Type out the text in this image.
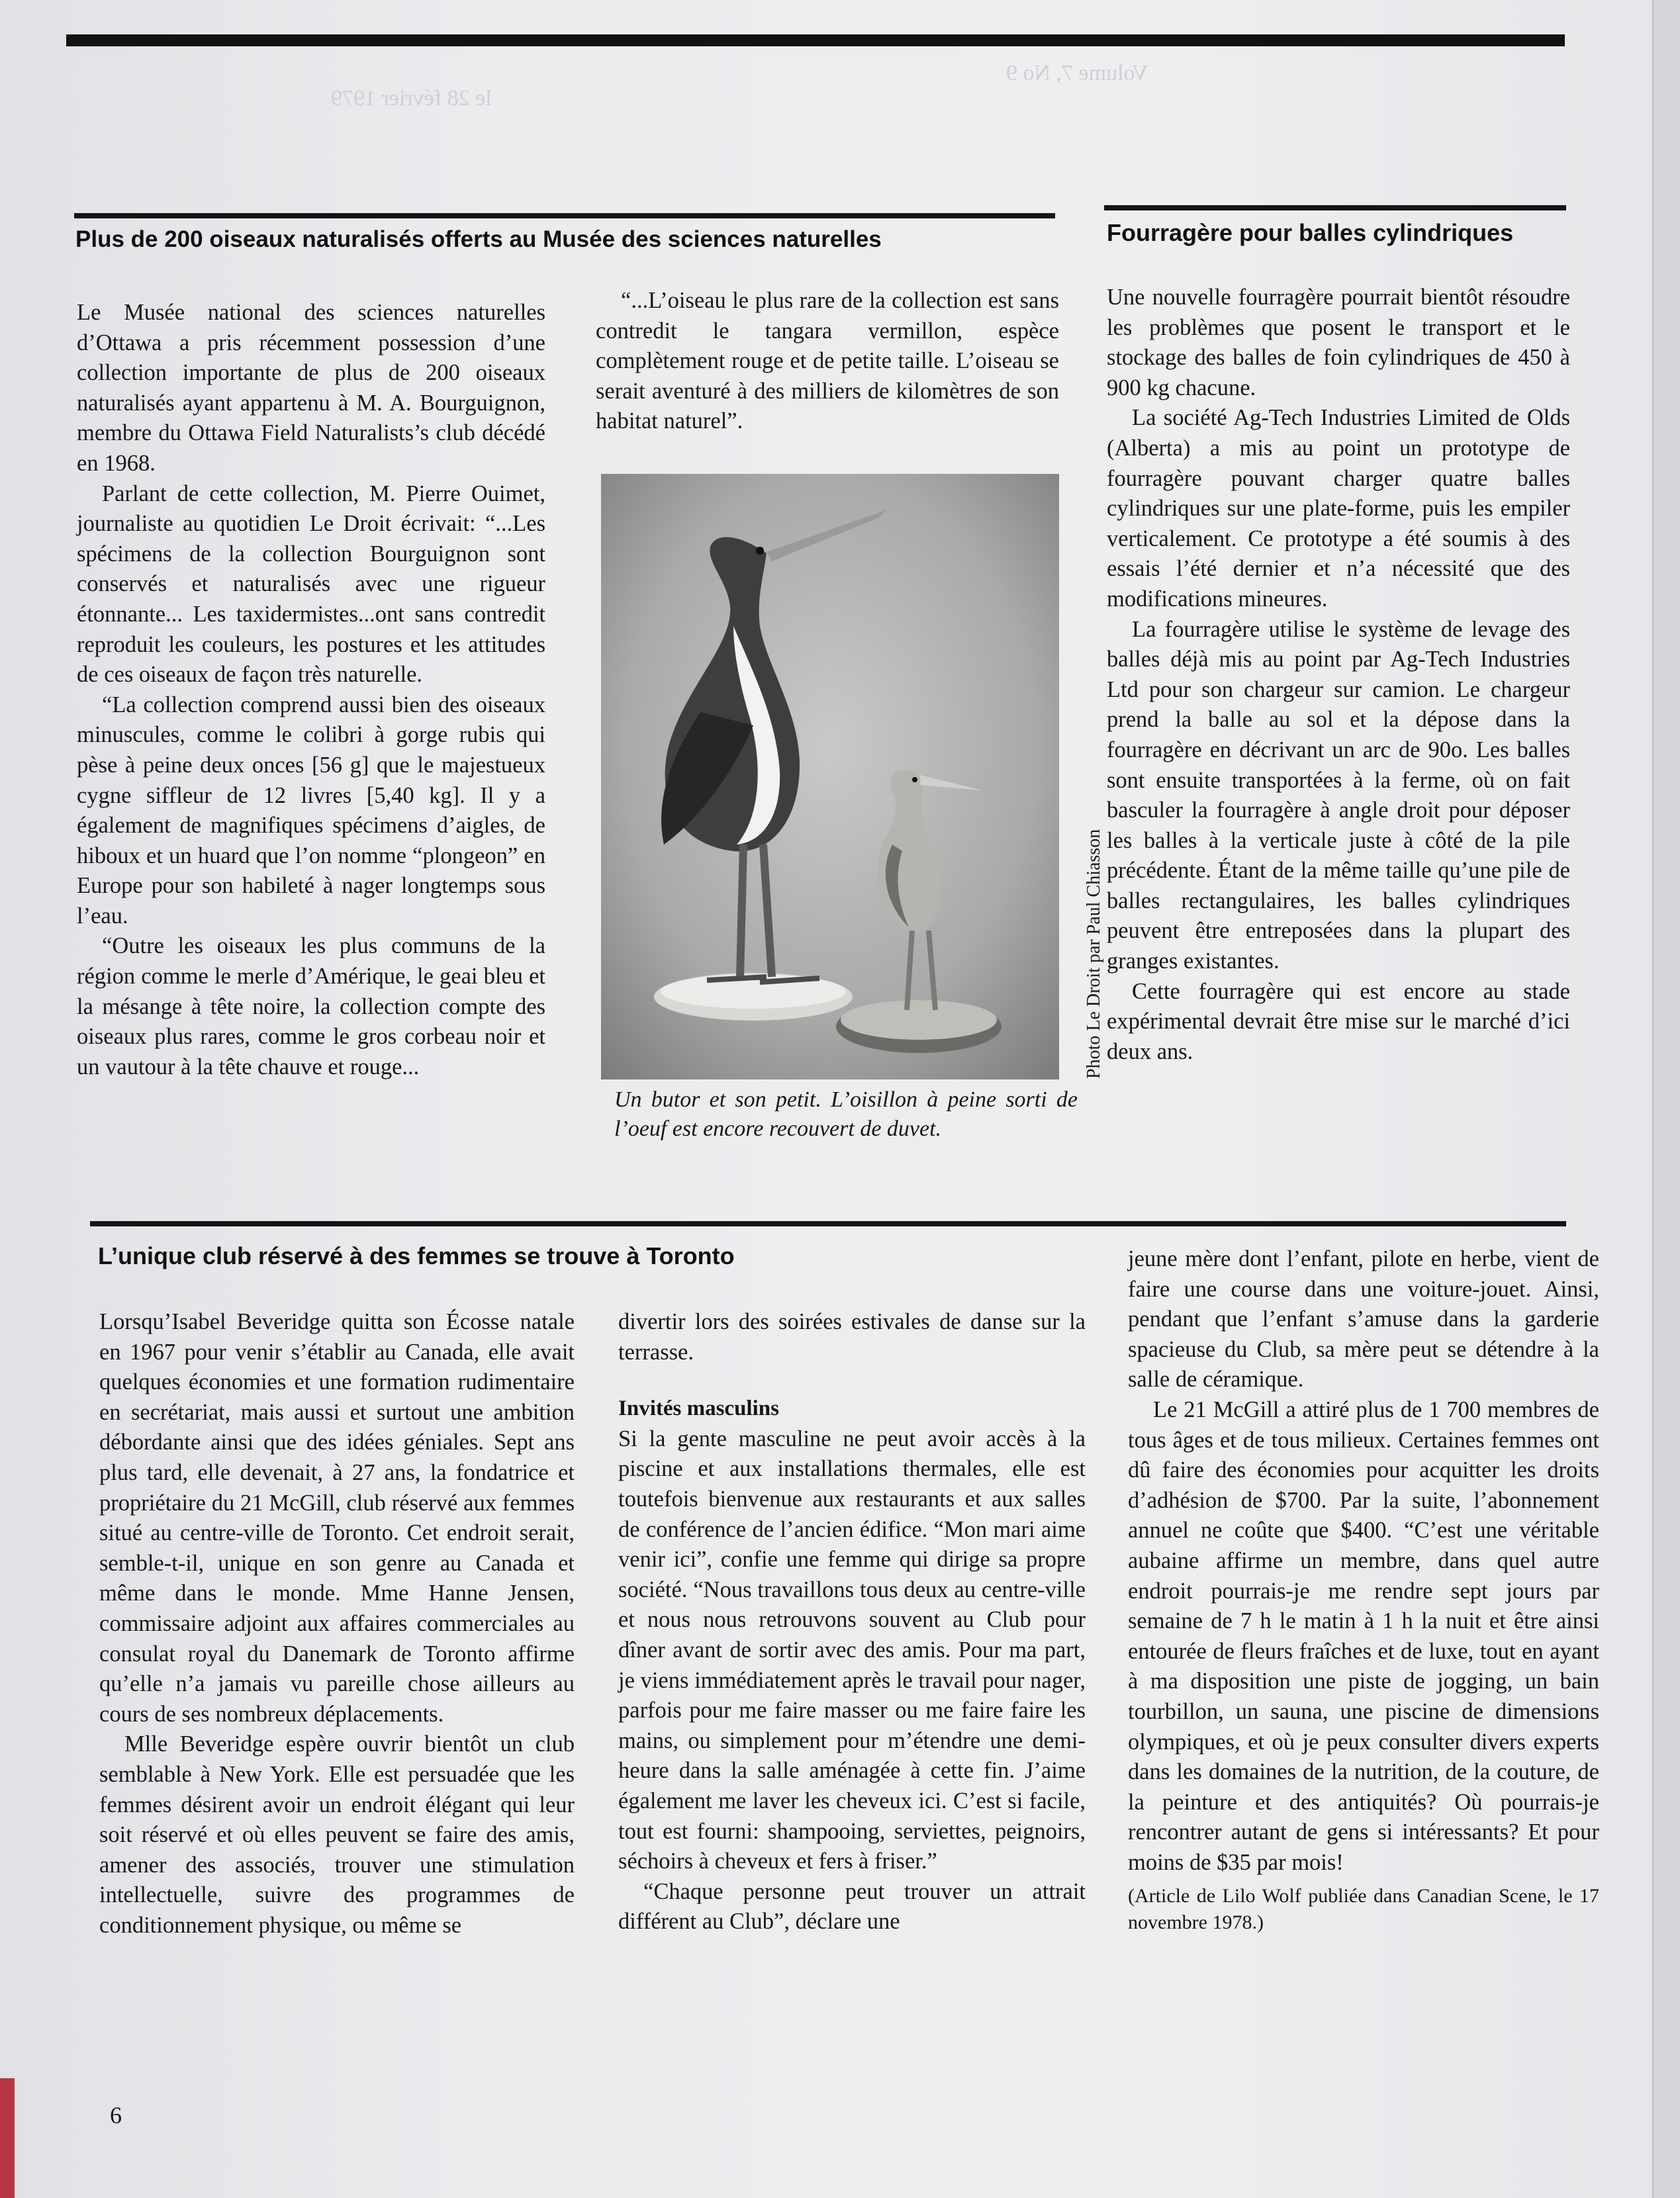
Volume 7, No 9
le 28 février 1979
Plus de 200 oiseaux naturalisés offerts au Musée des sciences naturelles

Le Musée national des sciences naturelles d’Ottawa a pris récemment possession d’une collection importante de plus de 200 oiseaux naturalisés ayant appartenu à M. A. Bourguignon, membre du Ottawa Field Naturalists’s club décédé en 1968.

Parlant de cette collection, M. Pierre Ouimet, journaliste au quotidien Le Droit écrivait: “...Les spécimens de la collection Bourguignon sont conservés et naturalisés avec une rigueur étonnante... Les taxidermistes...ont sans contredit reproduit les couleurs, les postures et les attitudes de ces oiseaux de façon très naturelle.

“La collection comprend aussi bien des oiseaux minuscules, comme le colibri à gorge rubis qui pèse à peine deux onces [56 g] que le majestueux cygne siffleur de 12 livres [5,40 kg]. Il y a également de magnifiques spécimens d’aigles, de hiboux et un huard que l’on nomme “plongeon” en Europe pour son habileté à nager longtemps sous l’eau.

“Outre les oiseaux les plus communs de la région comme le merle d’Amérique, le geai bleu et la mésange à tête noire, la collection compte des oiseaux plus rares, comme le gros corbeau noir et un vautour à la tête chauve et rouge...

“...L’oiseau le plus rare de la collection est sans contredit le tangara vermillon, espèce complètement rouge et de petite taille. L’oiseau se serait aventuré à des milliers de kilomètres de son habitat naturel”.

Photo Le Droit par Paul Chiasson
Un butor et son petit. L’oisillon à peine sorti de l’oeuf est encore recouvert de duvet.
Fourragère pour balles cylindriques

Une nouvelle fourragère pourrait bientôt résoudre les problèmes que posent le transport et le stockage des balles de foin cylindriques de 450 à 900 kg chacune.

La société Ag-Tech Industries Limited de Olds (Alberta) a mis au point un prototype de fourragère pouvant charger quatre balles cylindriques sur une plate-forme, puis les empiler verticalement. Ce prototype a été soumis à des essais l’été dernier et n’a nécessité que des modifications mineures.

La fourragère utilise le système de levage des balles déjà mis au point par Ag-Tech Industries Ltd pour son chargeur sur camion. Le chargeur prend la balle au sol et la dépose dans la fourragère en décrivant un arc de 90o. Les balles sont ensuite transportées à la ferme, où on fait basculer la fourragère à angle droit pour déposer les balles à la verticale juste à côté de la pile précédente. Étant de la même taille qu’une pile de balles rectangulaires, les balles cylindriques peuvent être entreposées dans la plupart des granges existantes.

Cette fourragère qui est encore au stade expérimental devrait être mise sur le marché d’ici deux ans.

L’unique club réservé à des femmes se trouve à Toronto

Lorsqu’Isabel Beveridge quitta son Écosse natale en 1967 pour venir s’établir au Canada, elle avait quelques économies et une formation rudimentaire en secrétariat, mais aussi et surtout une ambition débordante ainsi que des idées géniales. Sept ans plus tard, elle devenait, à 27 ans, la fondatrice et propriétaire du 21 McGill, club réservé aux femmes situé au centre-ville de Toronto. Cet endroit serait, semble-t-il, unique en son genre au Canada et même dans le monde. Mme Hanne Jensen, commissaire adjoint aux affaires commerciales au consulat royal du Danemark de Toronto affirme qu’elle n’a jamais vu pareille chose ailleurs au cours de ses nombreux déplacements.

Mlle Beveridge espère ouvrir bientôt un club semblable à New York. Elle est persuadée que les femmes désirent avoir un endroit élégant qui leur soit réservé et où elles peuvent se faire des amis, amener des associés, trouver une stimulation intellectuelle, suivre des programmes de conditionnement physique, ou même se

divertir lors des soirées estivales de danse sur la terrasse.

Invités masculins

Si la gente masculine ne peut avoir accès à la piscine et aux installations thermales, elle est toutefois bienvenue aux restaurants et aux salles de conférence de l’ancien édifice. “Mon mari aime venir ici”, confie une femme qui dirige sa propre société. “Nous travaillons tous deux au centre-ville et nous nous retrouvons souvent au Club pour dîner avant de sortir avec des amis. Pour ma part, je viens immédiatement après le travail pour nager, parfois pour me faire masser ou me faire faire les mains, ou simplement pour m’étendre une demi-heure dans la salle aménagée à cette fin. J’aime également me laver les cheveux ici. C’est si facile, tout est fourni: shampooing, serviettes, peignoirs, séchoirs à cheveux et fers à friser.”

“Chaque personne peut trouver un attrait différent au Club”, déclare une

jeune mère dont l’enfant, pilote en herbe, vient de faire une course dans une voiture-jouet. Ainsi, pendant que l’enfant s’amuse dans la garderie spacieuse du Club, sa mère peut se détendre à la salle de céramique.

Le 21 McGill a attiré plus de 1 700 membres de tous âges et de tous milieux. Certaines femmes ont dû faire des économies pour acquitter les droits d’adhésion de $700. Par la suite, l’abonnement annuel ne coûte que $400. “C’est une véritable aubaine affirme un membre, dans quel autre endroit pourrais-je me rendre sept jours par semaine de 7 h le matin à 1 h la nuit et être ainsi entourée de fleurs fraîches et de luxe, tout en ayant à ma disposition une piste de jogging, un bain tourbillon, un sauna, une piscine de dimensions olympiques, et où je peux consulter divers experts dans les domaines de la nutrition, de la couture, de la peinture et des antiquités? Où pourrais-je rencontrer autant de gens si intéressants? Et pour moins de $35 par mois!

(Article de Lilo Wolf publiée dans Canadian Scene, le 17 novembre 1978.)

6
